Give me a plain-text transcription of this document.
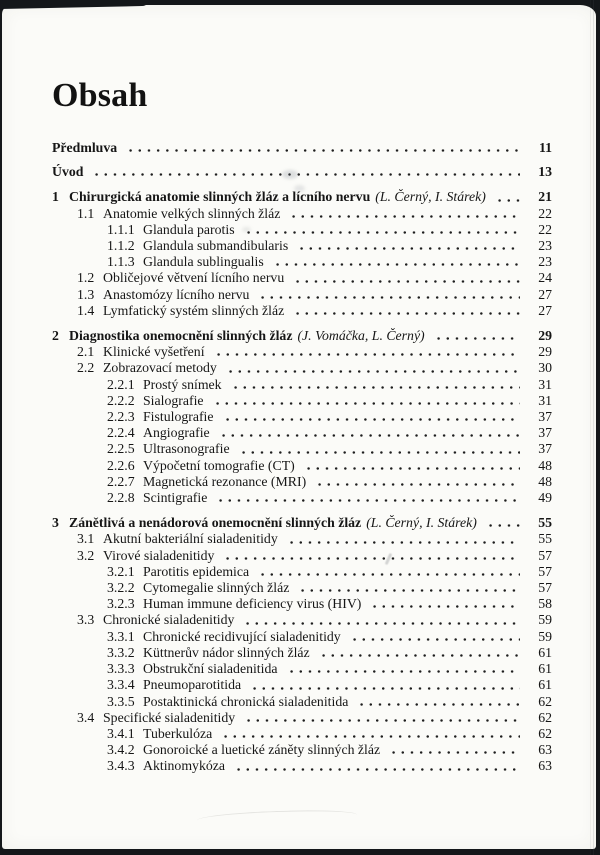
Obsah
Předmluva	11
Úvod	13
1 Chirurgická anatomie slinných žláz a lícního nervu (L. Černý, I. Stárek)	21
1.1 Anatomie velkých slinných žláz	22
1.1.1 Glandula parotis	22
1.1.2 Glandula submandibularis	23
1.1.3 Glandula sublingualis	23
1.2 Obličejové větvení lícního nervu	24
1.3 Anastomózy lícního nervu	27
1.4 Lymfatický systém slinných žláz	27
2 Diagnostika onemocnění slinných žláz (J. Vomáčka, L. Černý)	29
2.1 Klinické vyšetření	29
2.2 Zobrazovací metody	30
2.2.1 Prostý snímek	31
2.2.2 Sialografie	31
2.2.3 Fistulografie	37
2.2.4 Angiografie	37
2.2.5 Ultrasonografie	37
2.2.6 Výpočetní tomografie (CT)	48
2.2.7 Magnetická rezonance (MRI)	48
2.2.8 Scintigrafie	49
3 Zánětlivá a nenádorová onemocnění slinných žláz (L. Černý, I. Stárek)	55
3.1 Akutní bakteriální sialadenitidy	55
3.2 Virové sialadenitidy	57
3.2.1 Parotitis epidemica	57
3.2.2 Cytomegalie slinných žláz	57
3.2.3 Human immune deficiency virus (HIV)	58
3.3 Chronické sialadenitidy	59
3.3.1 Chronické recidivující sialadenitidy	59
3.3.2 Küttnerův nádor slinných žláz	61
3.3.3 Obstrukční sialadenitida	61
3.3.4 Pneumoparotitida	61
3.3.5 Postaktinická chronická sialadenitida	62
3.4 Specifické sialadenitidy	62
3.4.1 Tuberkulóza	62
3.4.2 Gonoroické a luetické záněty slinných žláz	63
3.4.3 Aktinomykóza	63
